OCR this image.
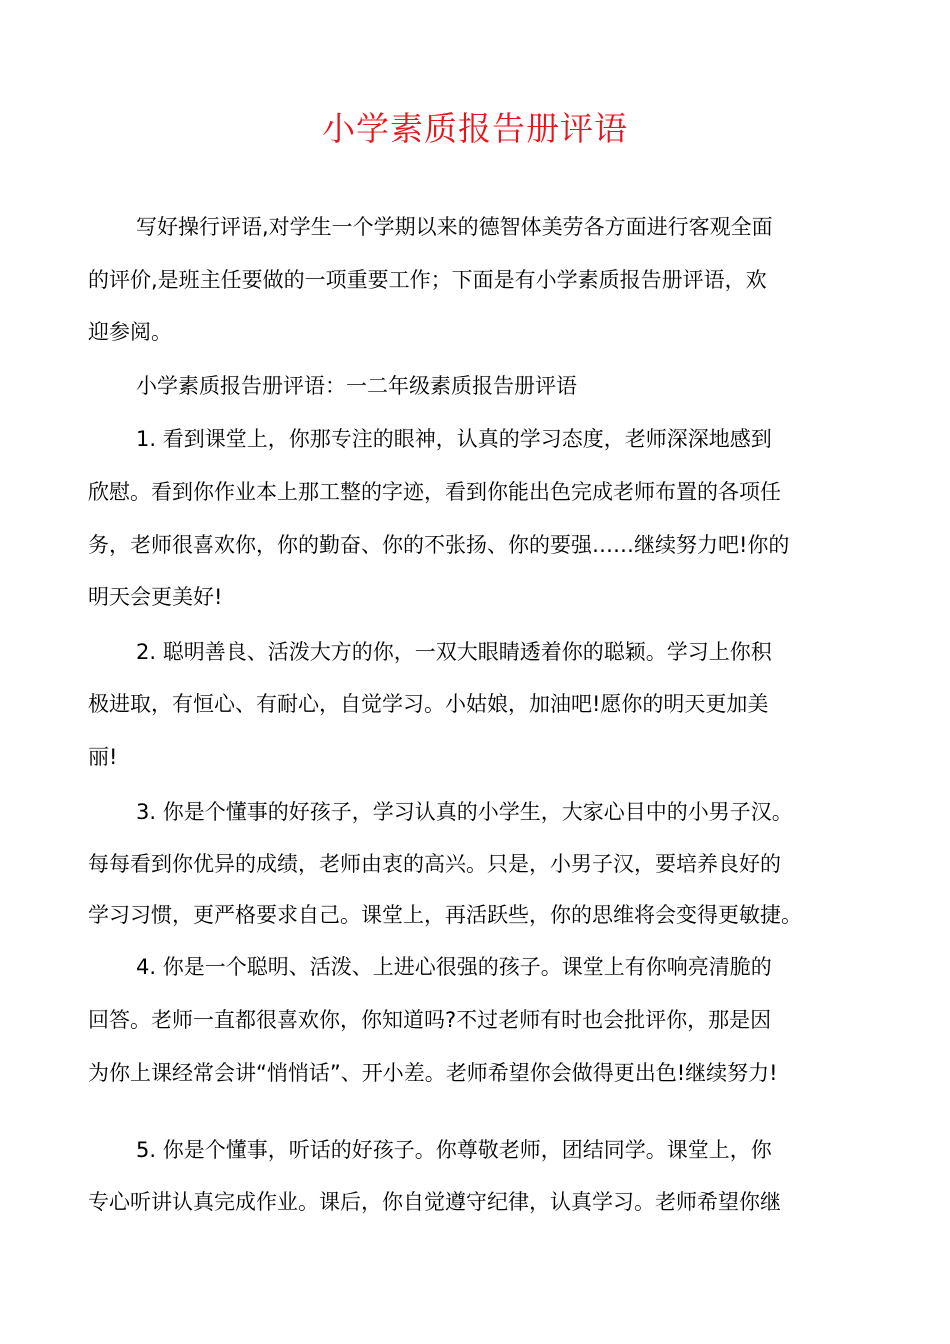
小学素质报告册评语

写好操行评语,对学生一个学期以来的德智体美劳各方面进行客观全面

的评价,是班主任要做的一项重要工作；下面是有小学素质报告册评语，欢

迎参阅。

小学素质报告册评语：一二年级素质报告册评语

1. 看到课堂上，你那专注的眼神，认真的学习态度，老师深深地感到

欣慰。看到你作业本上那工整的字迹，看到你能出色完成老师布置的各项任

务，老师很喜欢你，你的勤奋、你的不张扬、你的要强……继续努力吧!你的

明天会更美好!

2. 聪明善良、活泼大方的你，一双大眼睛透着你的聪颖。学习上你积

极进取，有恒心、有耐心，自觉学习。小姑娘，加油吧!愿你的明天更加美

丽!

3. 你是个懂事的好孩子，学习认真的小学生，大家心目中的小男子汉。

每每看到你优异的成绩，老师由衷的高兴。只是，小男子汉，要培养良好的

学习习惯，更严格要求自己。课堂上，再活跃些，你的思维将会变得更敏捷。

4. 你是一个聪明、活泼、上进心很强的孩子。课堂上有你响亮清脆的

回答。老师一直都很喜欢你，你知道吗?不过老师有时也会批评你，那是因

为你上课经常会讲“悄悄话”、开小差。老师希望你会做得更出色!继续努力!

5. 你是个懂事，听话的好孩子。你尊敬老师，团结同学。课堂上，你

专心听讲认真完成作业。课后，你自觉遵守纪律，认真学习。老师希望你继
